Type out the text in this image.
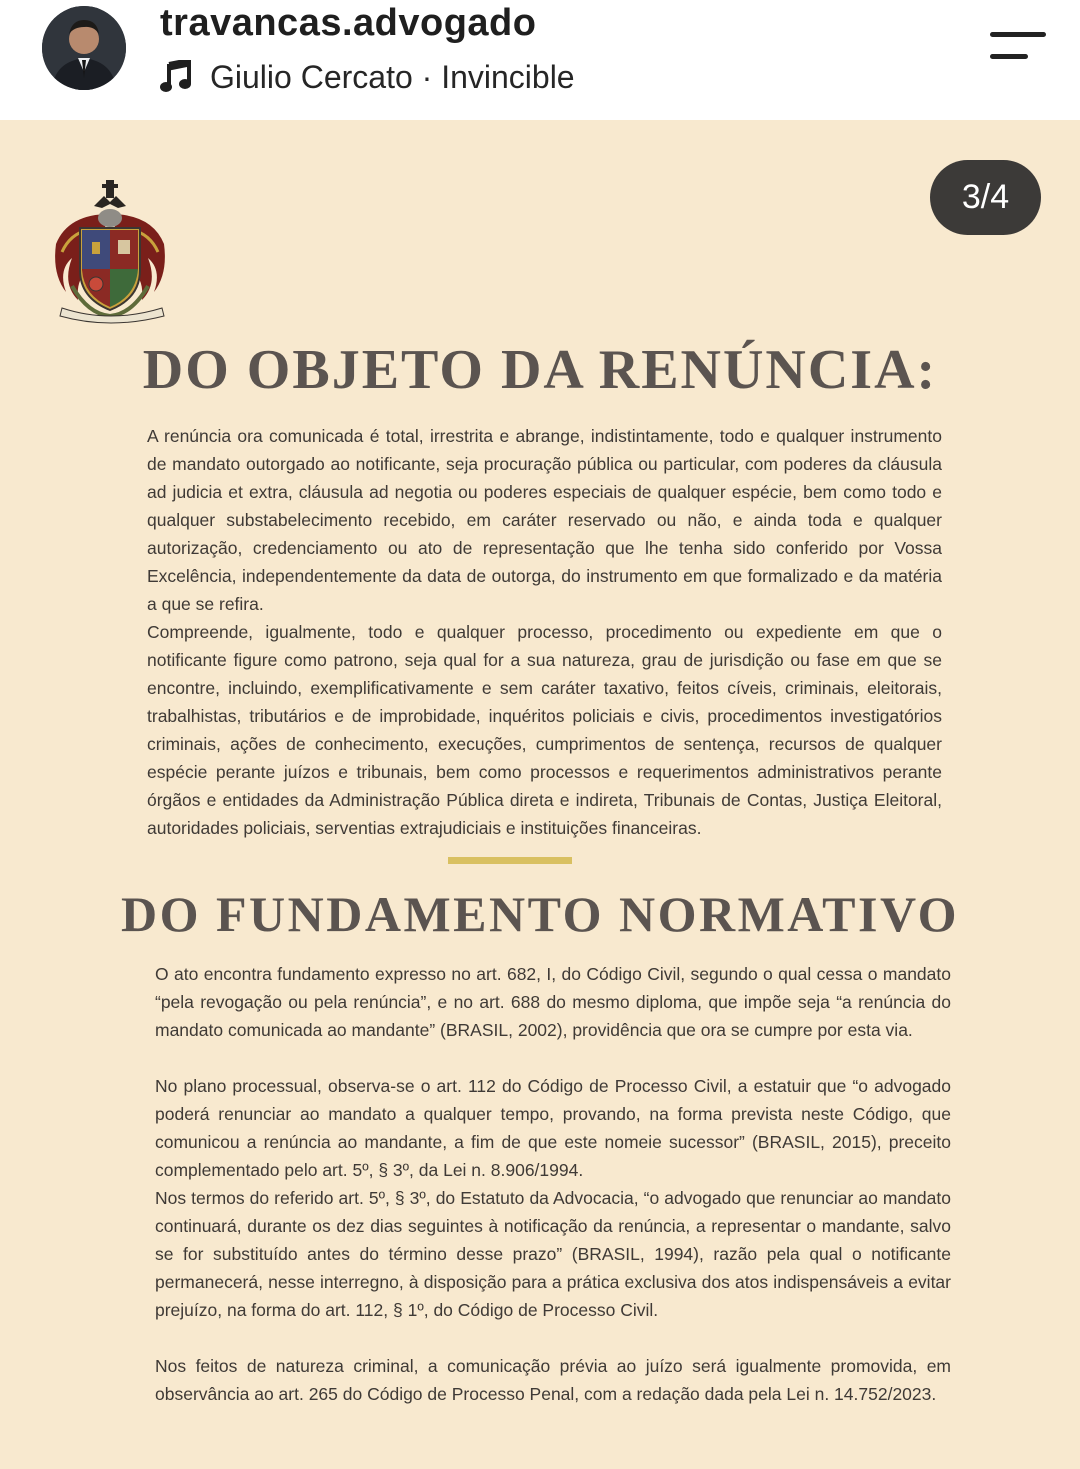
travancas.advogado
Giulio Cercato · Invincible
3/4
DO OBJETO DA RENÚNCIA:

A renúncia ora comunicada é total, irrestrita e abrange, indistintamente, todo e qualquer instrumento de mandato outorgado ao notificante, seja procuração pública ou particular, com poderes da cláusula ad judicia et extra, cláusula ad negotia ou poderes especiais de qualquer espécie, bem como todo e qualquer substabelecimento recebido, em caráter reservado ou não, e ainda toda e qualquer autorização, credenciamento ou ato de representação que lhe tenha sido conferido por Vossa Excelência, independentemente da data de outorga, do instrumento em que formalizado e da matéria a que se refira.

Compreende, igualmente, todo e qualquer processo, procedimento ou expediente em que o notificante figure como patrono, seja qual for a sua natureza, grau de jurisdição ou fase em que se encontre, incluindo, exemplificativamente e sem caráter taxativo, feitos cíveis, criminais, eleitorais, trabalhistas, tributários e de improbidade, inquéritos policiais e civis, procedimentos investigatórios criminais, ações de conhecimento, execuções, cumprimentos de sentença, recursos de qualquer espécie perante juízos e tribunais, bem como processos e requerimentos administrativos perante órgãos e entidades da Administração Pública direta e indireta, Tribunais de Contas, Justiça Eleitoral, autoridades policiais, serventias extrajudiciais e instituições financeiras.

DO FUNDAMENTO NORMATIVO

O ato encontra fundamento expresso no art. 682, I, do Código Civil, segundo o qual cessa o mandato “pela revogação ou pela renúncia”, e no art. 688 do mesmo diploma, que impõe seja “a renúncia do mandato comunicada ao mandante” (BRASIL, 2002), providência que ora se cumpre por esta via.

No plano processual, observa-se o art. 112 do Código de Processo Civil, a estatuir que “o advogado poderá renunciar ao mandato a qualquer tempo, provando, na forma prevista neste Código, que comunicou a renúncia ao mandante, a fim de que este nomeie sucessor” (BRASIL, 2015), preceito complementado pelo art. 5º, § 3º, da Lei n. 8.906/1994.

Nos termos do referido art. 5º, § 3º, do Estatuto da Advocacia, “o advogado que renunciar ao mandato continuará, durante os dez dias seguintes à notificação da renúncia, a representar o mandante, salvo se for substituído antes do término desse prazo” (BRASIL, 1994), razão pela qual o notificante permanecerá, nesse interregno, à disposição para a prática exclusiva dos atos indispensáveis a evitar prejuízo, na forma do art. 112, § 1º, do Código de Processo Civil.

Nos feitos de natureza criminal, a comunicação prévia ao juízo será igualmente promovida, em observância ao art. 265 do Código de Processo Penal, com a redação dada pela Lei n. 14.752/2023.
